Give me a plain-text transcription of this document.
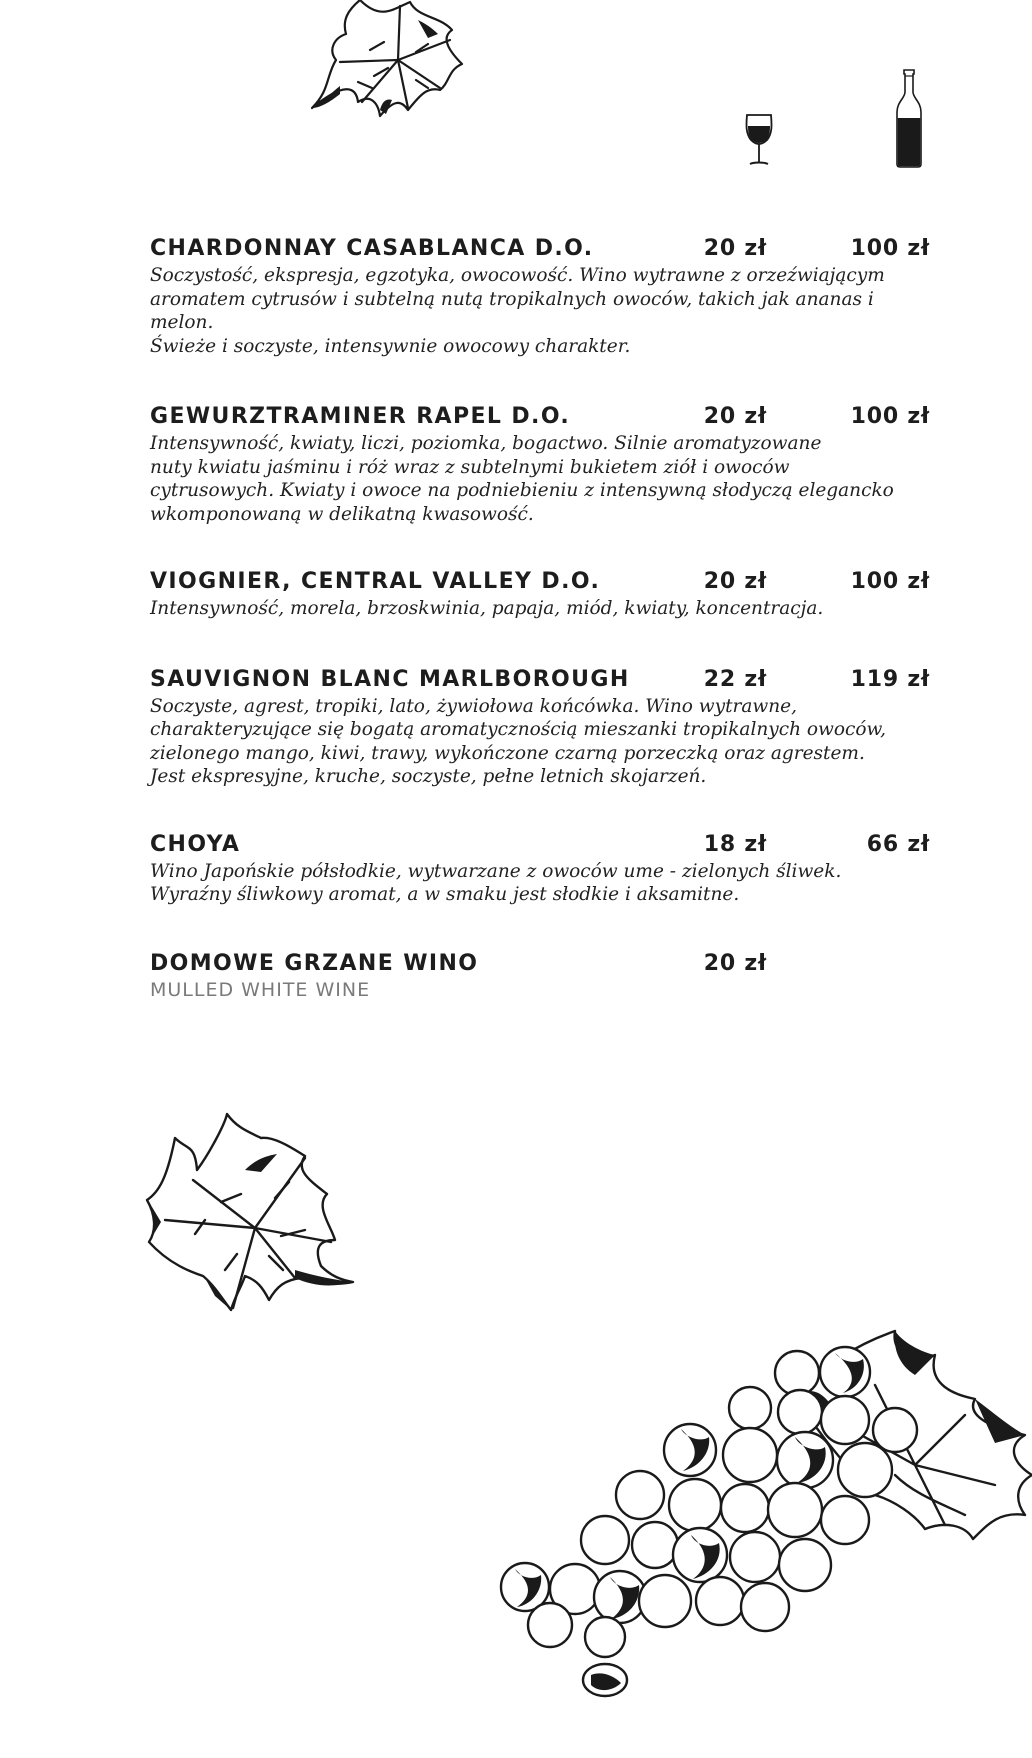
CHARDONNAY CASABLANCA D.O.	20 zł	100 zł

Soczystość, ekspresja, egzotyka, owocowość. Wino wytrawne z orzeźwiającym
aromatem cytrusów i subtelną nutą tropikalnych owoców, takich jak ananas i melon.
Świeże i soczyste, intensywnie owocowy charakter.

GEWURZTRAMINER RAPEL D.O.	20 zł	100 zł

Intensywność, kwiaty, liczi, poziomka, bogactwo. Silnie aromatyzowane
nuty kwiatu jaśminu i róż wraz z subtelnymi bukietem ziół i owoców
cytrusowych. Kwiaty i owoce na podniebieniu z intensywną słodyczą elegancko
wkomponowaną w delikatną kwasowość.

VIOGNIER, CENTRAL VALLEY D.O.	20 zł	100 zł

Intensywność, morela, brzoskwinia, papaja, miód, kwiaty, koncentracja.

SAUVIGNON BLANC MARLBOROUGH	22 zł	119 zł

Soczyste, agrest, tropiki, lato, żywiołowa końcówka. Wino wytrawne,
charakteryzujące się bogatą aromatycznością mieszanki tropikalnych owoców,
zielonego mango, kiwi, trawy, wykończone czarną porzeczką oraz agrestem.
Jest ekspresyjne, kruche, soczyste, pełne letnich skojarzeń.

CHOYA	18 zł	66 zł

Wino Japońskie półsłodkie, wytwarzane z owoców ume - zielonych śliwek.
Wyraźny śliwkowy aromat, a w smaku jest słodkie i aksamitne.

DOMOWE GRZANE WINO	20 zł
MULLED WHITE WINE
